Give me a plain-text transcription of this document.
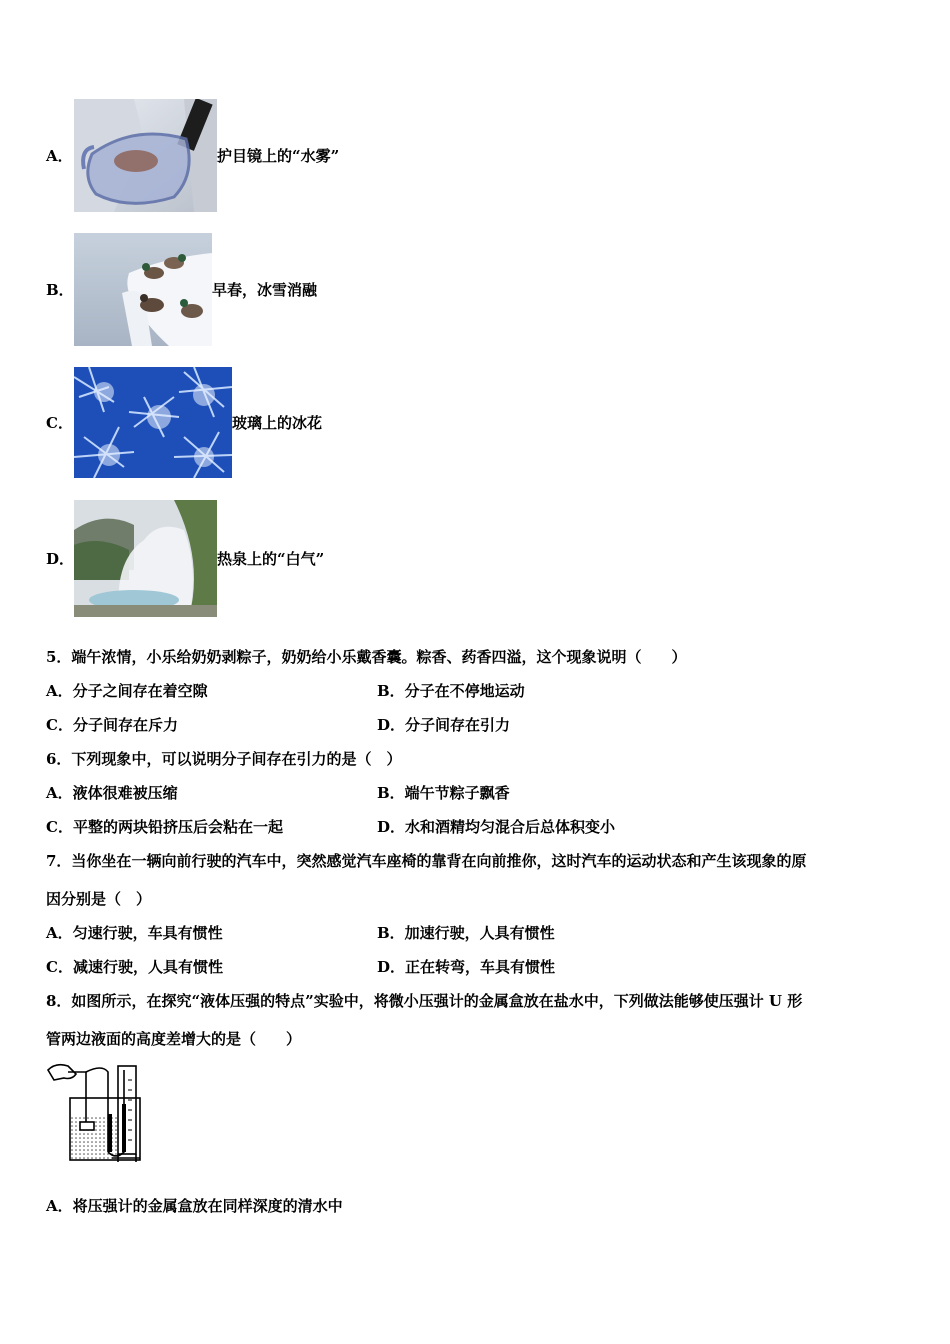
A．	护目镜上的“水雾”
B．	早春，冰雪消融
C．	玻璃上的冰花
D．	热泉上的“白气”
5．端午浓情，小乐给奶奶剥粽子，奶奶给小乐戴香囊。粽香、药香四溢，这个现象说明（　　）
A．分子之间存在着空隙	B．分子在不停地运动
C．分子间存在斥力	D．分子间存在引力
6．下列现象中，可以说明分子间存在引力的是（　）
A．液体很难被压缩	B．端午节粽子飘香
C．平整的两块铅挤压后会粘在一起	D．水和酒精均匀混合后总体积变小
7．当你坐在一辆向前行驶的汽车中，突然感觉汽车座椅的靠背在向前推你，这时汽车的运动状态和产生该现象的原
因分别是（　）
A．匀速行驶，车具有惯性	B．加速行驶，人具有惯性
C．减速行驶，人具有惯性	D．正在转弯，车具有惯性
8．如图所示，在探究“液体压强的特点”实验中，将微小压强计的金属盒放在盐水中，下列做法能够使压强计 U 形
管两边液面的高度差增大的是（　　）
A．将压强计的金属盒放在同样深度的清水中
